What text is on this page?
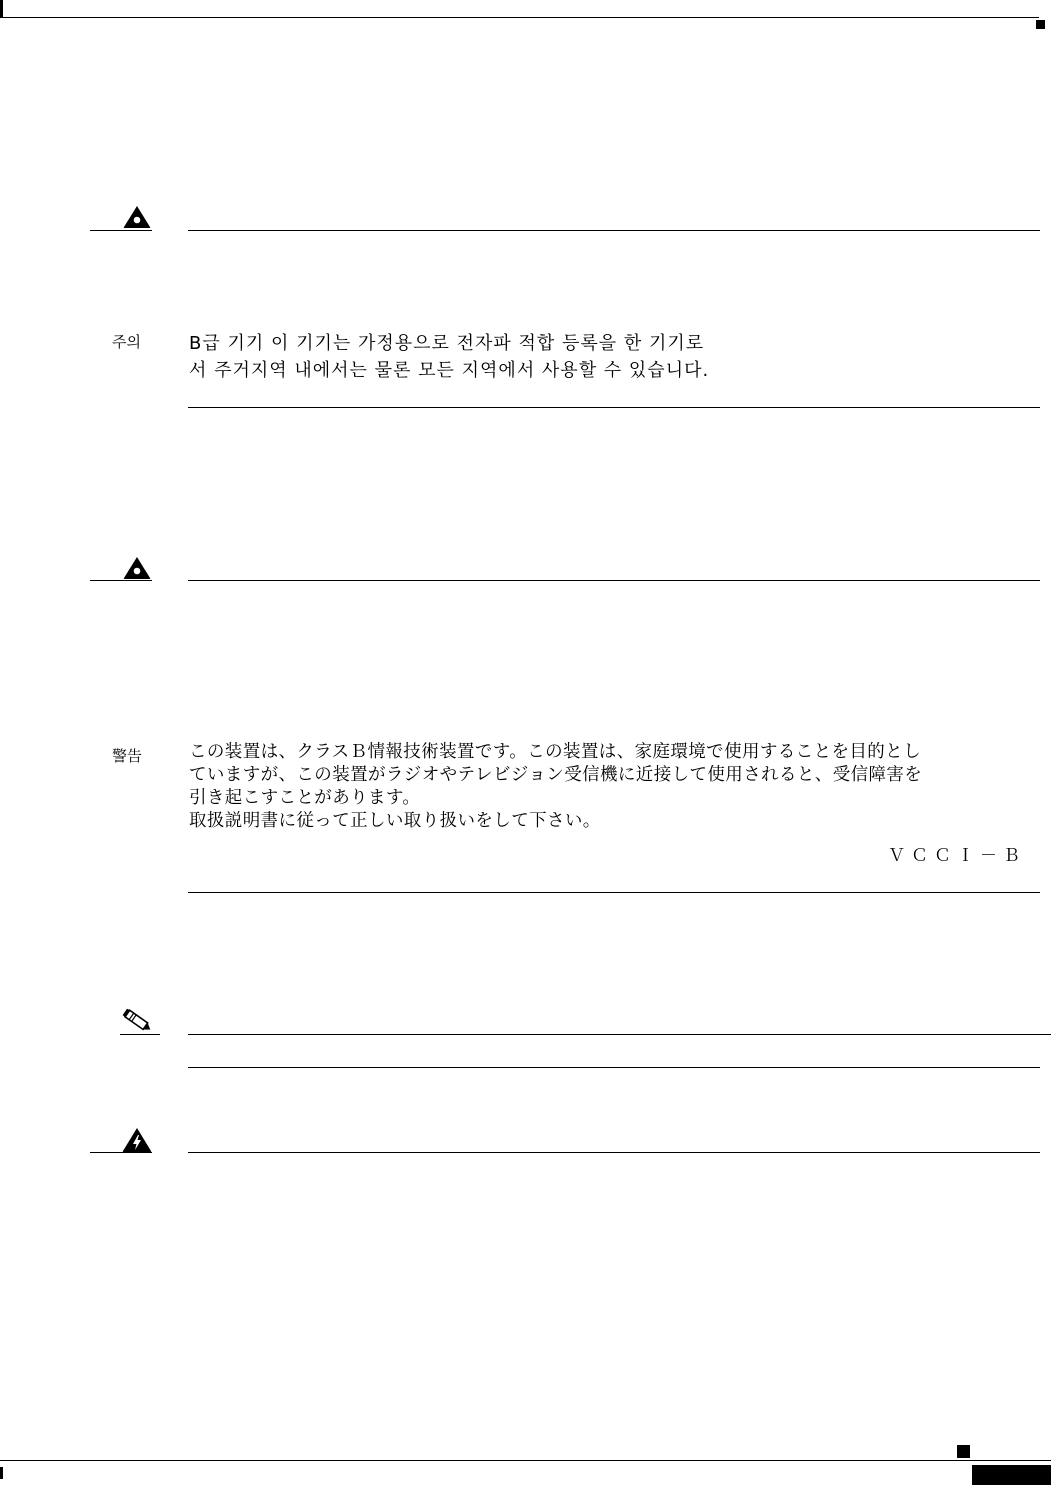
주의	B급 기기 이 기기는 가정용으로 전자파 적합 등록을 한 기기로
서 주거지역 내에서는 물론 모든 지역에서 사용할 수 있습니다.
警告	この装置は、クラスＢ情報技術装置です。この装置は、家庭環境で使用することを目的とし
ていますが、この装置がラジオやテレビジョン受信機に近接して使用されると、受信障害を
引き起こすことがあります。
取扱説明書に従って正しい取り扱いをして下さい。
ＶＣＣＩ－Ｂ
